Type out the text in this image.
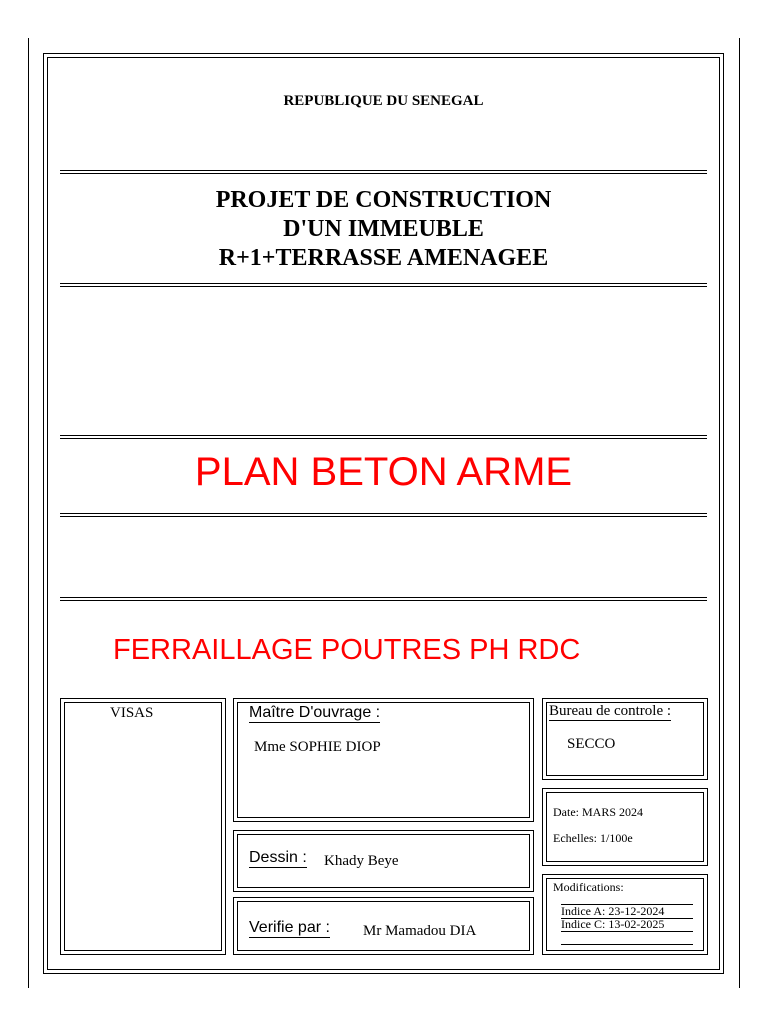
REPUBLIQUE DU SENEGAL
PROJET DE CONSTRUCTION
D'UN IMMEUBLE
R+1+TERRASSE AMENAGEE
PLAN BETON ARME
FERRAILLAGE POUTRES PH RDC
VISAS	Maître D'ouvrage :
Mme SOPHIE DIOP
Dessin : Khady Beye
Verifie par : Mr Mamadou DIA
Bureau de controle :
SECCO
Date: MARS 2024
Echelles: 1/100e
Modifications:
Indice A: 23-12-2024
Indice C: 13-02-2025
